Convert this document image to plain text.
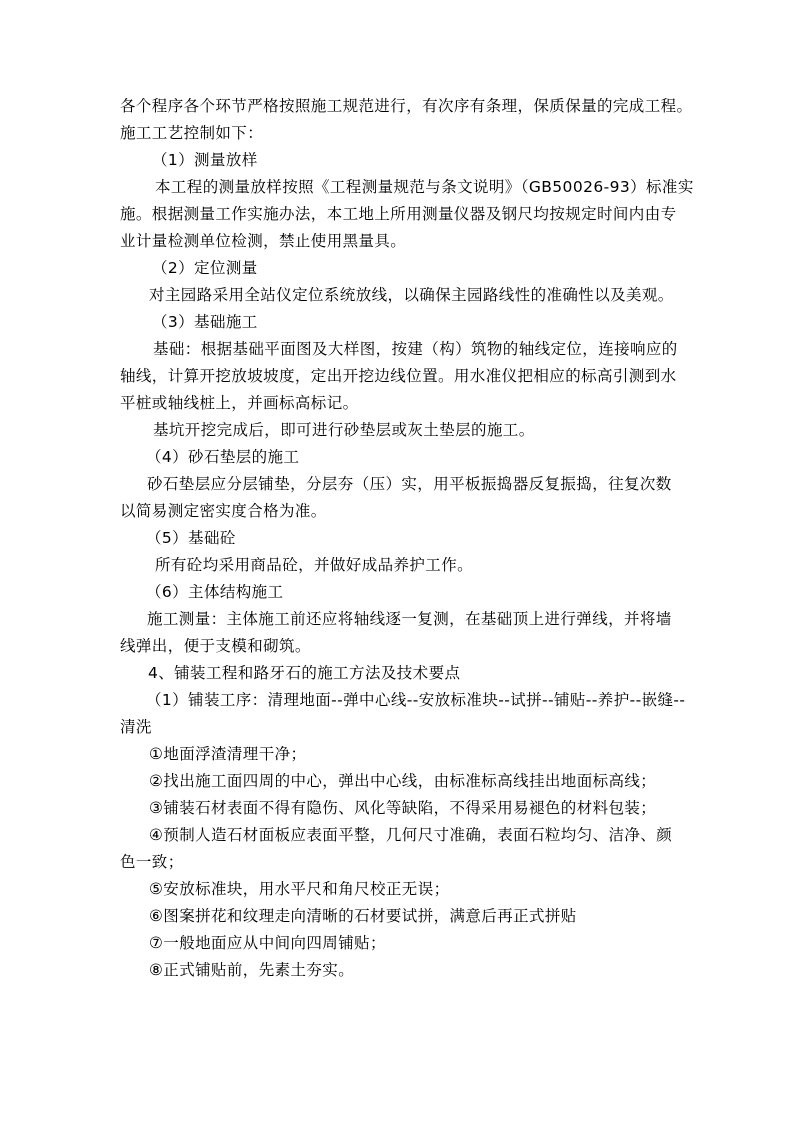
各个程序各个环节严格按照施工规范进行，有次序有条理，保质保量的完成工程。
施工工艺控制如下：
（1）测量放样
本工程的测量放样按照《工程测量规范与条文说明》（GB50026-93）标准实
施。根据测量工作实施办法，本工地上所用测量仪器及钢尺均按规定时间内由专
业计量检测单位检测，禁止使用黑量具。
（2）定位测量
对主园路采用全站仪定位系统放线，以确保主园路线性的准确性以及美观。
（3）基础施工
基础：根据基础平面图及大样图，按建（构）筑物的轴线定位，连接响应的
轴线，计算开挖放坡坡度，定出开挖边线位置。用水准仪把相应的标高引测到水
平桩或轴线桩上，并画标高标记。
基坑开挖完成后，即可进行砂垫层或灰土垫层的施工。
（4）砂石垫层的施工
砂石垫层应分层铺垫，分层夯（压）实，用平板振捣器反复振捣，往复次数
以简易测定密实度合格为准。
（5）基础砼
所有砼均采用商品砼，并做好成品养护工作。
（6）主体结构施工
施工测量：主体施工前还应将轴线逐一复测，在基础顶上进行弹线，并将墙
线弹出，便于支模和砌筑。
4、铺装工程和路牙石的施工方法及技术要点
（1）铺装工序：清理地面--弹中心线--安放标准块--试拼--铺贴--养护--嵌缝--
清洗
①地面浮渣清理干净；
②找出施工面四周的中心，弹出中心线，由标准标高线挂出地面标高线；
③铺装石材表面不得有隐伤、风化等缺陷，不得采用易褪色的材料包装；
④预制人造石材面板应表面平整，几何尺寸准确，表面石粒均匀、洁净、颜
色一致；
⑤安放标准块，用水平尺和角尺校正无误；
⑥图案拼花和纹理走向清晰的石材要试拼，满意后再正式拼贴
⑦一般地面应从中间向四周铺贴；
⑧正式铺贴前，先素土夯实。
